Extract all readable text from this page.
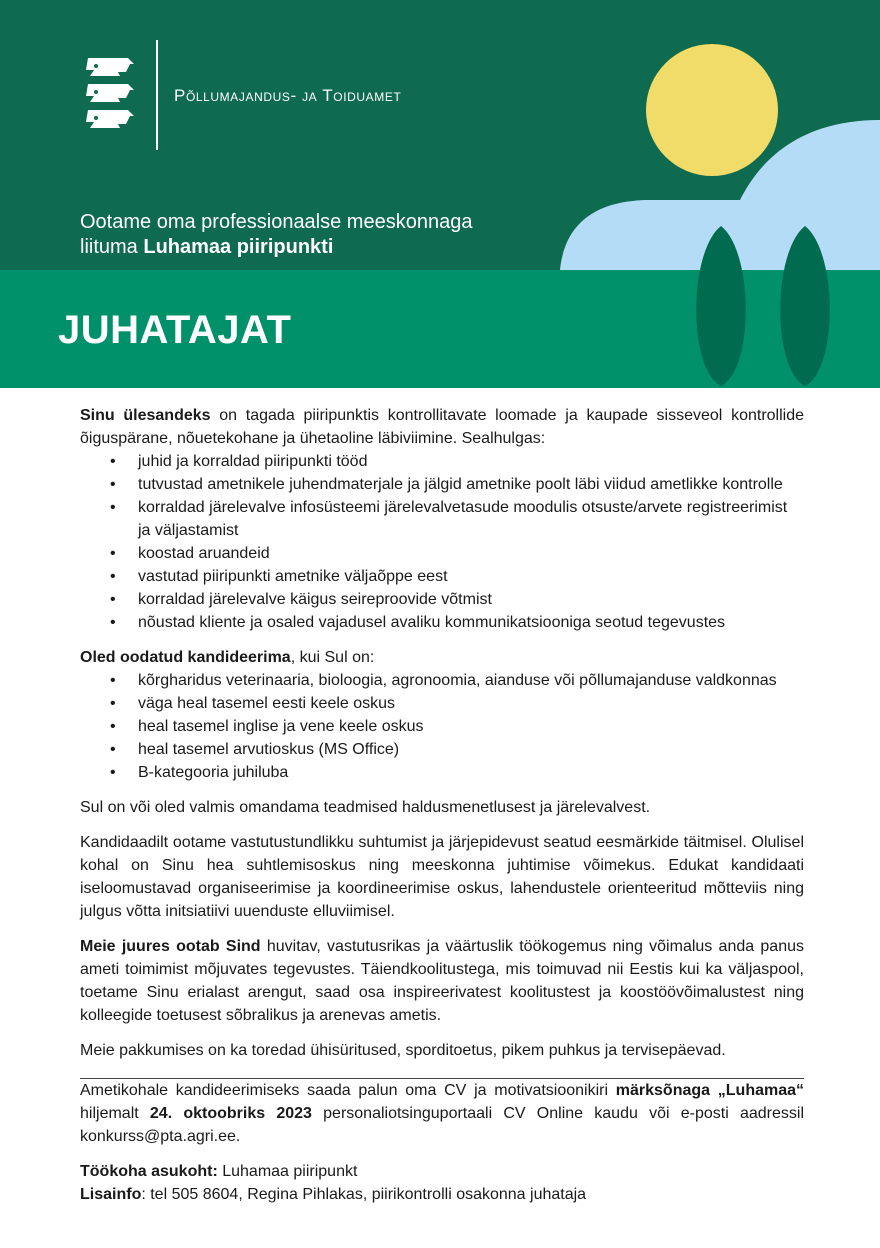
Põllumajandus- ja Toiduamet
Ootame oma professionaalse meeskonnaga
liituma Luhamaa piiripunkti
JUHATAJAT

Sinu ülesandeks on tagada piiripunktis kontrollitavate loomade ja kaupade sisseveol kontrollide õiguspärane, nõuetekohane ja ühetaoline läbiviimine. Sealhulgas:

• juhid ja korraldad piiripunkti tööd
• tutvustad ametnikele juhendmaterjale ja jälgid ametnike poolt läbi viidud ametlikke kontrolle
• korraldad järelevalve infosüsteemi järelevalvetasude moodulis otsuste/arvete registreerimist ja väljastamist
• koostad aruandeid
• vastutad piiripunkti ametnike väljaõppe eest
• korraldad järelevalve käigus seireproovide võtmist
• nõustad kliente ja osaled vajadusel avaliku kommunikatsiooniga seotud tegevustes

Oled oodatud kandideerima, kui Sul on:

• kõrgharidus veterinaaria, bioloogia, agronoomia, aianduse või põllumajanduse valdkonnas
• väga heal tasemel eesti keele oskus
• heal tasemel inglise ja vene keele oskus
• heal tasemel arvutioskus (MS Office)
• B-kategooria juhiluba

Sul on või oled valmis omandama teadmised haldusmenetlusest ja järelevalvest.

Kandidaadilt ootame vastutustundlikku suhtumist ja järjepidevust seatud eesmärkide täitmisel. Olulisel kohal on Sinu hea suhtlemisoskus ning meeskonna juhtimise võimekus. Edukat kandidaati iseloomustavad organiseerimise ja koordineerimise oskus, lahendustele orienteeritud mõtteviis ning julgus võtta initsiatiivi uuenduste elluviimisel.

Meie juures ootab Sind huvitav, vastutusrikas ja väärtuslik töökogemus ning võimalus anda panus ameti toimimist mõjuvates tegevustes. Täiendkoolitustega, mis toimuvad nii Eestis kui ka väljaspool, toetame Sinu erialast arengut, saad osa inspireerivatest koolitustest ja koostöövõimalustest ning kolleegide toetusest sõbralikus ja arenevas ametis.

Meie pakkumises on ka toredad ühisüritused, sporditoetus, pikem puhkus ja tervisepäevad.

Ametikohale kandideerimiseks saada palun oma CV ja motivatsioonikiri märksõnaga „Luhamaa“ hiljemalt 24. oktoobriks 2023 personaliotsinguportaali CV Online kaudu või e-posti aadressil konkurss@pta.agri.ee.

Töökoha asukoht: Luhamaa piiripunkt

Lisainfo: tel 505 8604, Regina Pihlakas, piirikontrolli osakonna juhataja
